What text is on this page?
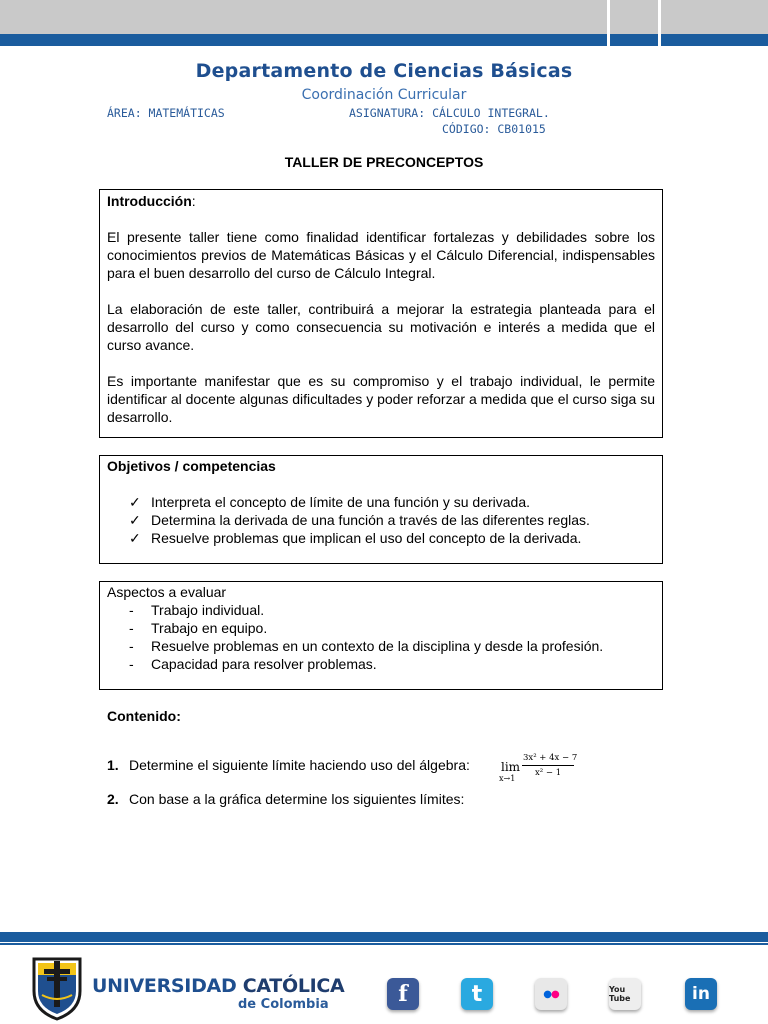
Departamento de Ciencias Básicas
Coordinación Curricular
ÁREA: MATEMÁTICAS	ASIGNATURA: CÁLCULO INTEGRAL.
CÓDIGO: CB01015
TALLER DE PRECONCEPTOS
Introducción:

El presente taller tiene como finalidad identificar fortalezas y debilidades sobre los conocimientos previos de Matemáticas Básicas y el Cálculo Diferencial, indispensables para el buen desarrollo del curso de Cálculo Integral.

La elaboración de este taller, contribuirá a mejorar la estrategia planteada para el desarrollo del curso y como consecuencia su motivación e interés a medida que el curso avance.

Es importante manifestar que es su compromiso y el trabajo individual, le permite identificar al docente algunas dificultades y poder reforzar a medida que el curso siga su desarrollo.

Objetivos / competencias
✓ Interpreta el concepto de límite de una función y su derivada.
✓ Determina la derivada de una función a través de las diferentes reglas.
✓ Resuelve problemas que implican el uso del concepto de la derivada.
Aspectos a evaluar
- Trabajo individual.
- Trabajo en equipo.
- Resuelve problemas en un contexto de la disciplina y desde la profesión.
- Capacidad para resolver problemas.
Contenido:
1. Determine el siguiente límite haciendo uso del álgebra:	lim
x→1
3x² + 4x − 7
x² − 1
2. Con base a la gráfica determine los siguientes límites:
UNIVERSIDAD CATÓLICA
de Colombia	f	t	● ●	You Tube	in
